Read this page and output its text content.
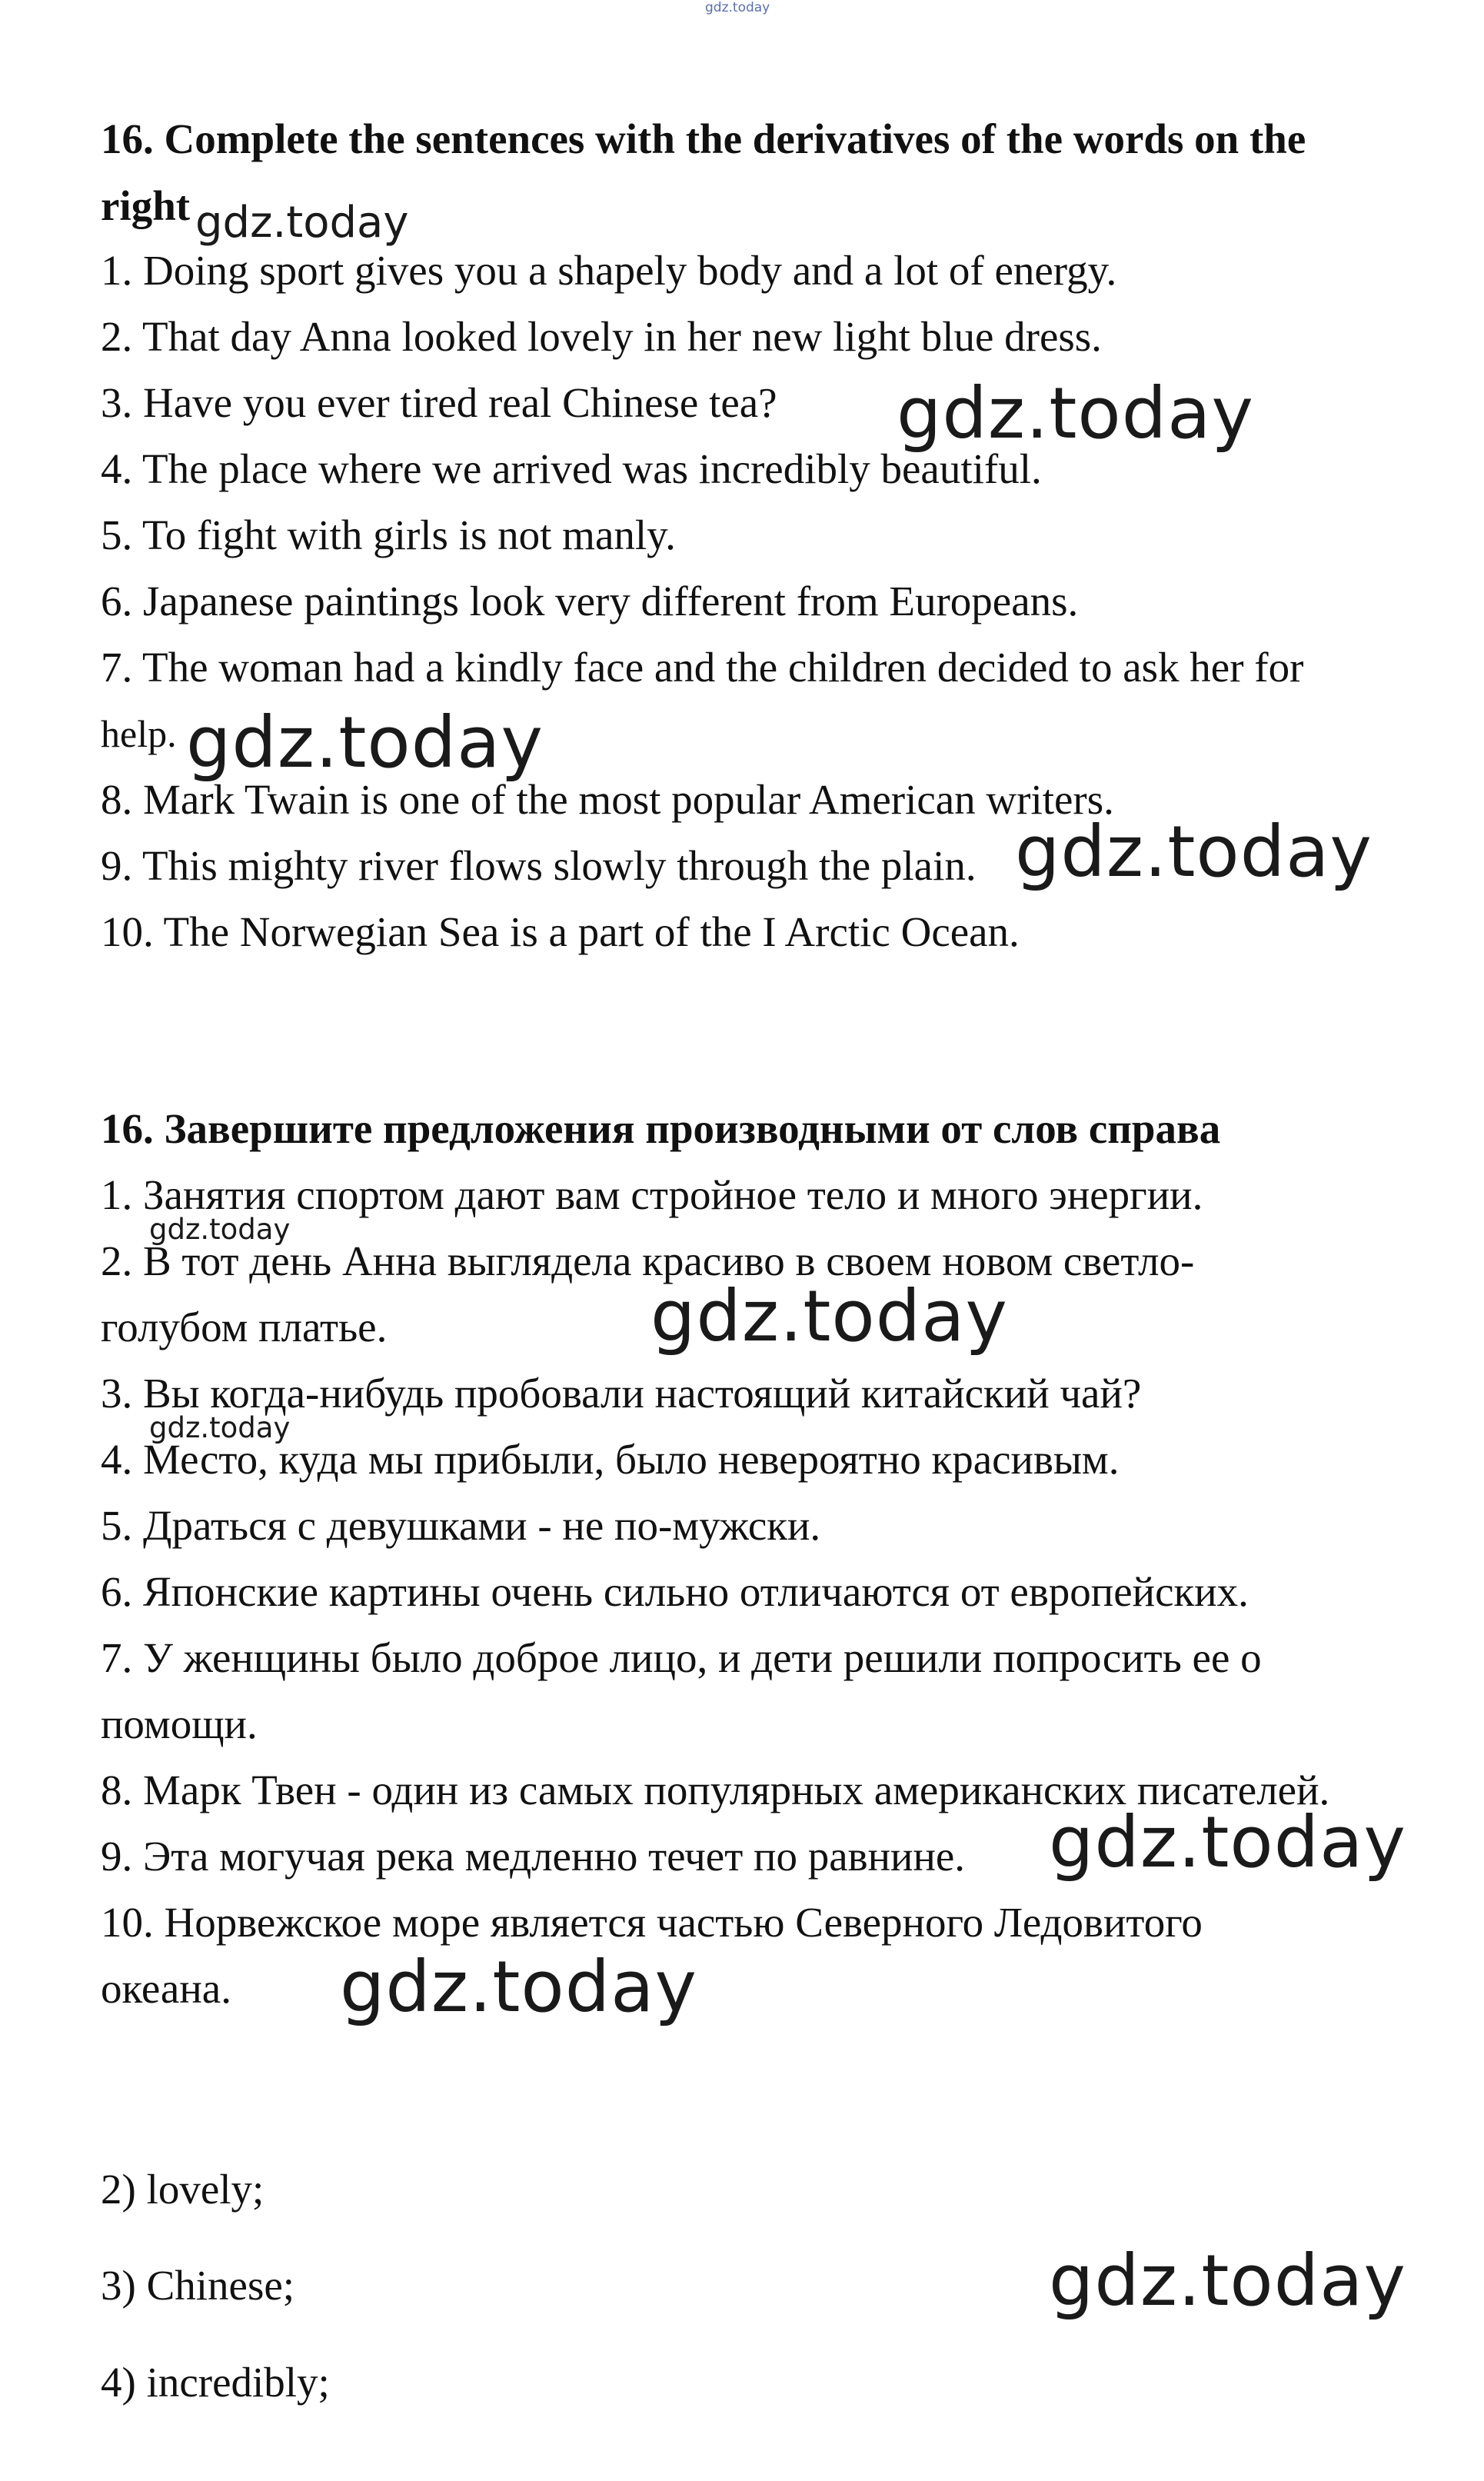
gdz.today
16. Complete the sentences with the derivatives of the words on the
right gdz.today
1. Doing sport gives you a shapely body and a lot of energy.
2. That day Anna looked lovely in her new light blue dress.
3. Have you ever tired real Chinese tea? gdz.today
4. The place where we arrived was incredibly beautiful.
5. To fight with girls is not manly.
6. Japanese paintings look very different from Europeans.
7. The woman had a kindly face and the children decided to ask her for
help. gdz.today
8. Mark Twain is one of the most popular American writers.
9. This mighty river flows slowly through the plain. gdz.today
10. The Norwegian Sea is a part of the I Arctic Ocean.
16. Завершите предложения производными от слов справа
1. Занятия спортом дают вам стройное тело и много энергии.
gdz.today
2. В тот день Анна выглядела красиво в своем новом светло-
голубом платье.	gdz.today
3. Вы когда-нибудь пробовали настоящий китайский чай?
gdz.today
4. Место, куда мы прибыли, было невероятно красивым.
5. Драться с девушками - не по-мужски.
6. Японские картины очень сильно отличаются от европейских.
7. У женщины было доброе лицо, и дети решили попросить ее о
помощи.
8. Марк Твен - один из самых популярных американских писателей.
9. Эта могучая река медленно течет по равнине. gdz.today
10. Норвежское море является частью Северного Ледовитого
океана. gdz.today
2) lovely;
3) Chinese;	gdz.today
4) incredibly;
